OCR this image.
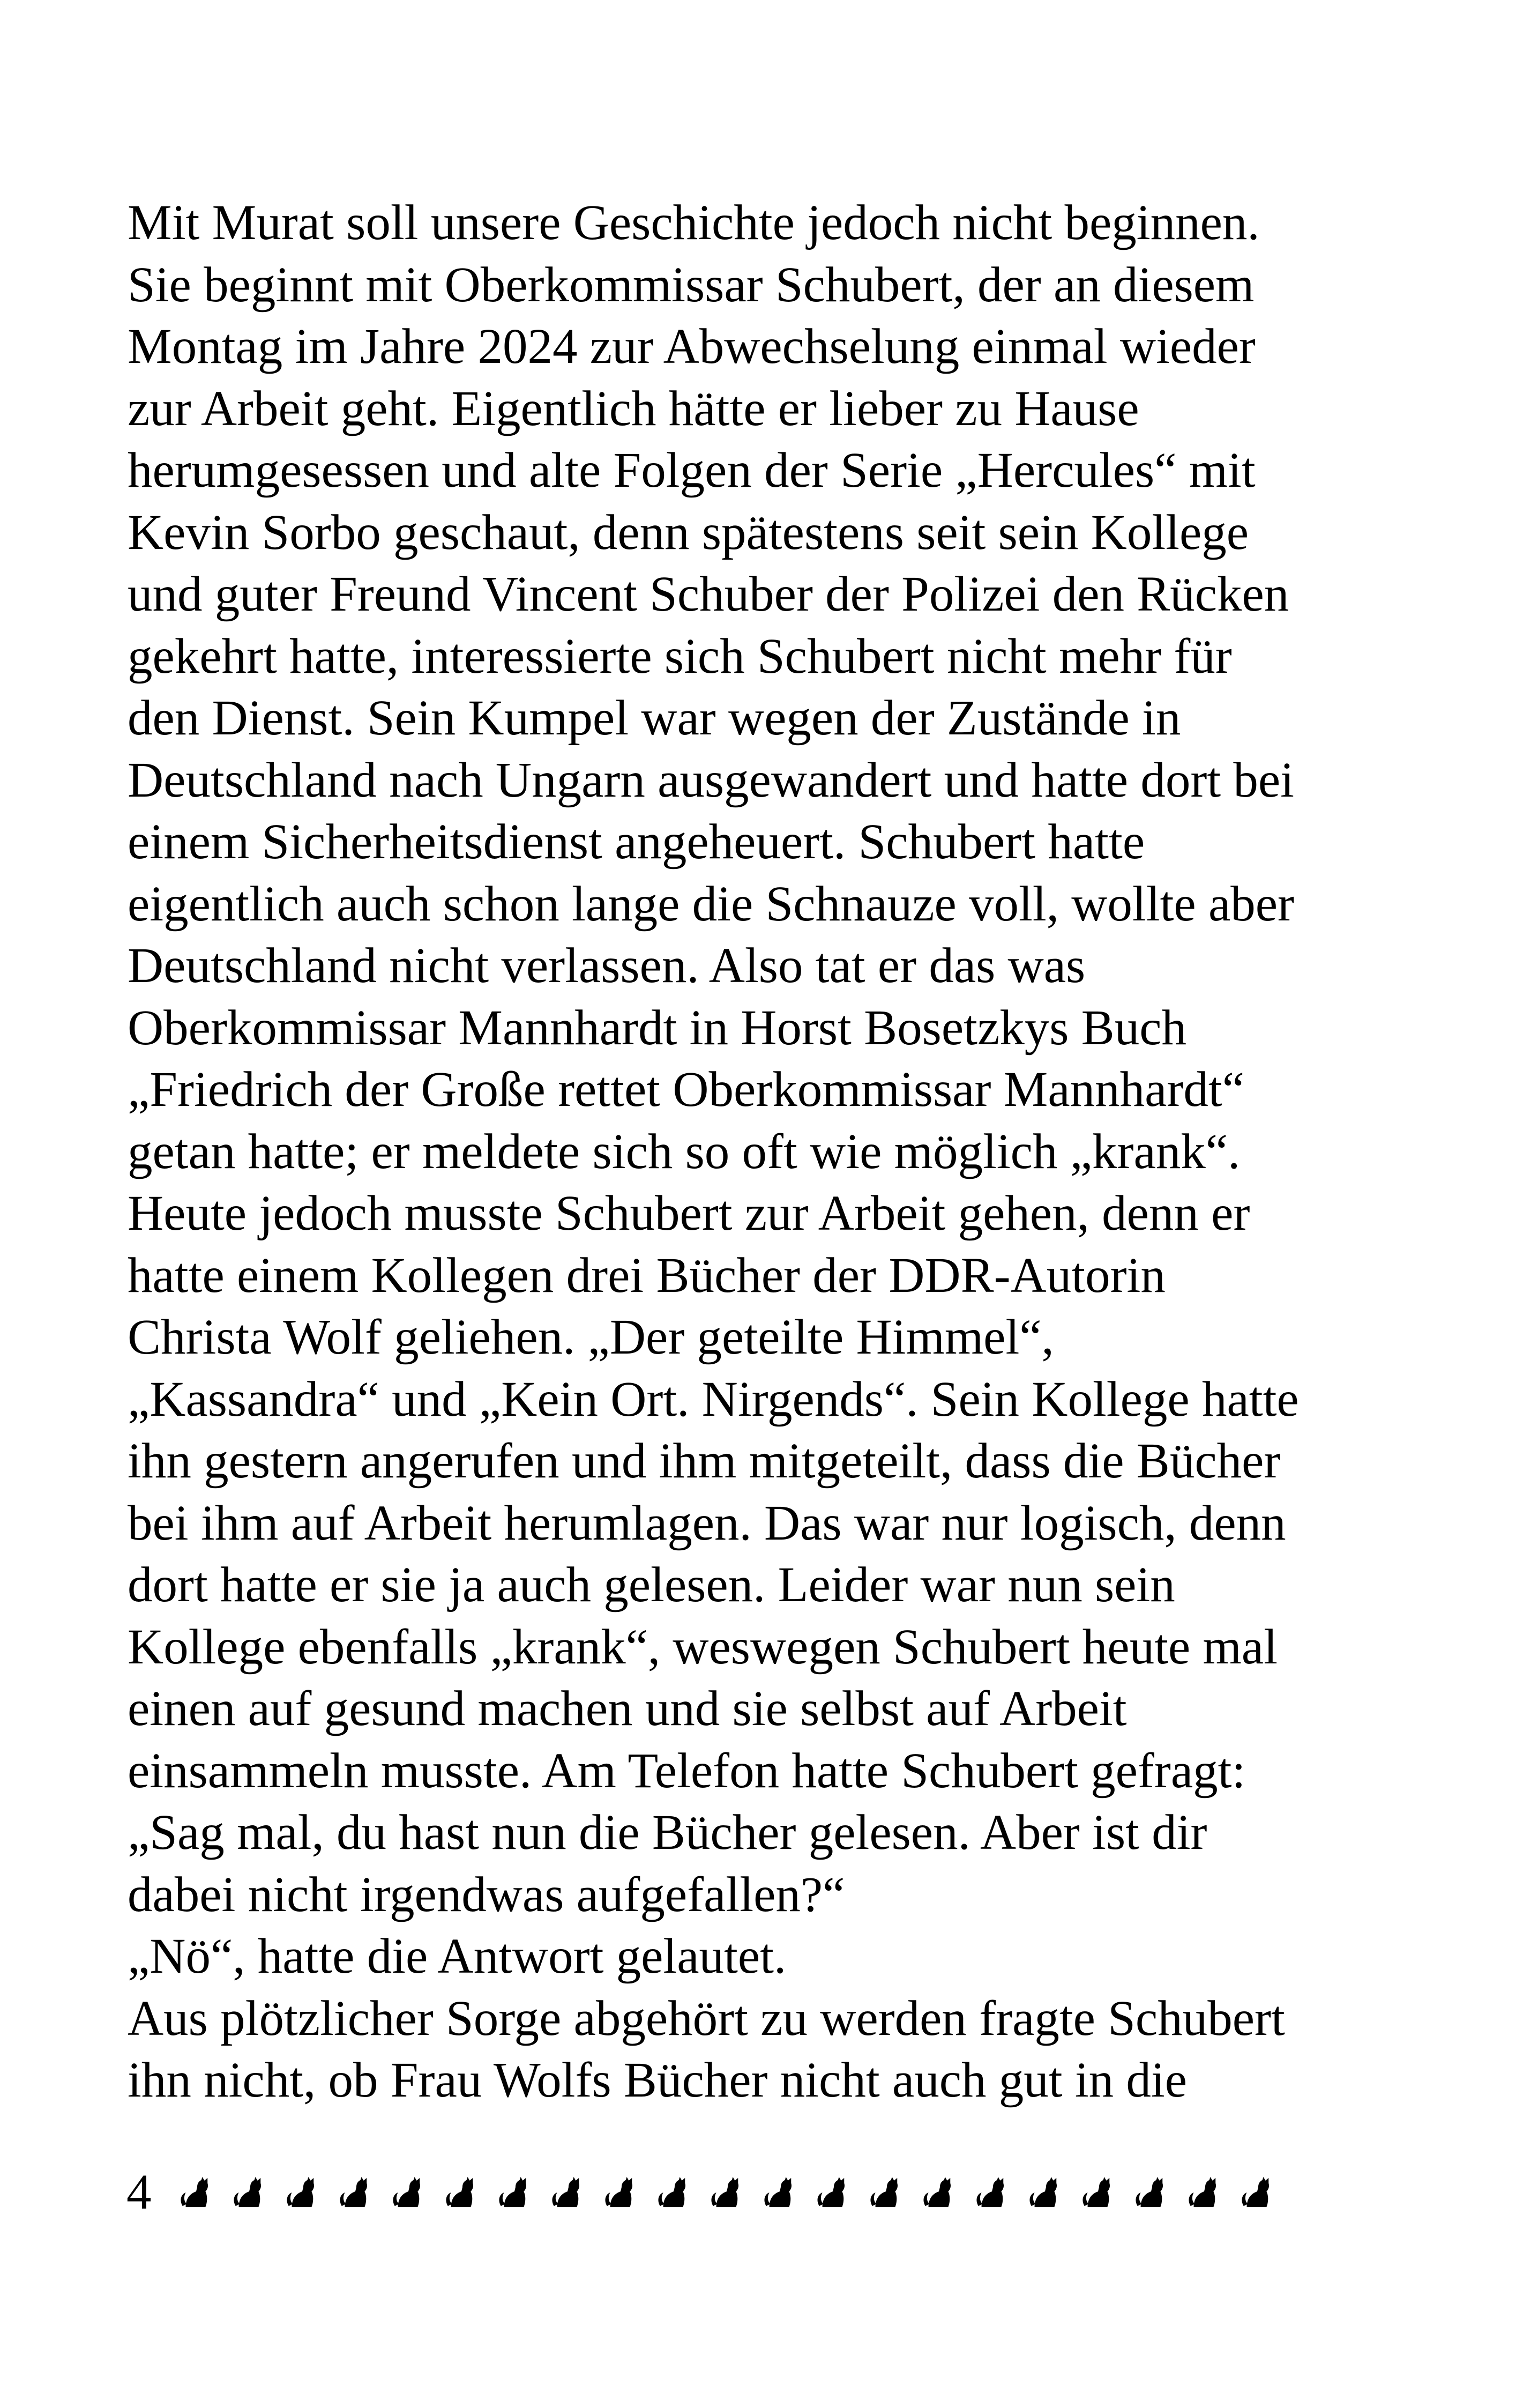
Mit Murat soll unsere Geschichte jedoch nicht beginnen.
Sie beginnt mit Oberkommissar Schubert, der an diesem
Montag im Jahre 2024 zur Abwechselung einmal wieder
zur Arbeit geht. Eigentlich hätte er lieber zu Hause
herumgesessen und alte Folgen der Serie „Hercules“ mit
Kevin Sorbo geschaut, denn spätestens seit sein Kollege
und guter Freund Vincent Schuber der Polizei den Rücken
gekehrt hatte, interessierte sich Schubert nicht mehr für
den Dienst. Sein Kumpel war wegen der Zustände in
Deutschland nach Ungarn ausgewandert und hatte dort bei
einem Sicherheitsdienst angeheuert. Schubert hatte
eigentlich auch schon lange die Schnauze voll, wollte aber
Deutschland nicht verlassen. Also tat er das was
Oberkommissar Mannhardt in Horst Bosetzkys Buch
„Friedrich der Große rettet Oberkommissar Mannhardt“
getan hatte; er meldete sich so oft wie möglich „krank“.
Heute jedoch musste Schubert zur Arbeit gehen, denn er
hatte einem Kollegen drei Bücher der DDR-Autorin
Christa Wolf geliehen. „Der geteilte Himmel“,
„Kassandra“ und „Kein Ort. Nirgends“. Sein Kollege hatte
ihn gestern angerufen und ihm mitgeteilt, dass die Bücher
bei ihm auf Arbeit herumlagen. Das war nur logisch, denn
dort hatte er sie ja auch gelesen. Leider war nun sein
Kollege ebenfalls „krank“, weswegen Schubert heute mal
einen auf gesund machen und sie selbst auf Arbeit
einsammeln musste. Am Telefon hatte Schubert gefragt:
„Sag mal, du hast nun die Bücher gelesen. Aber ist dir
dabei nicht irgendwas aufgefallen?“
„Nö“, hatte die Antwort gelautet.
Aus plötzlicher Sorge abgehört zu werden fragte Schubert
ihn nicht, ob Frau Wolfs Bücher nicht auch gut in die
4
